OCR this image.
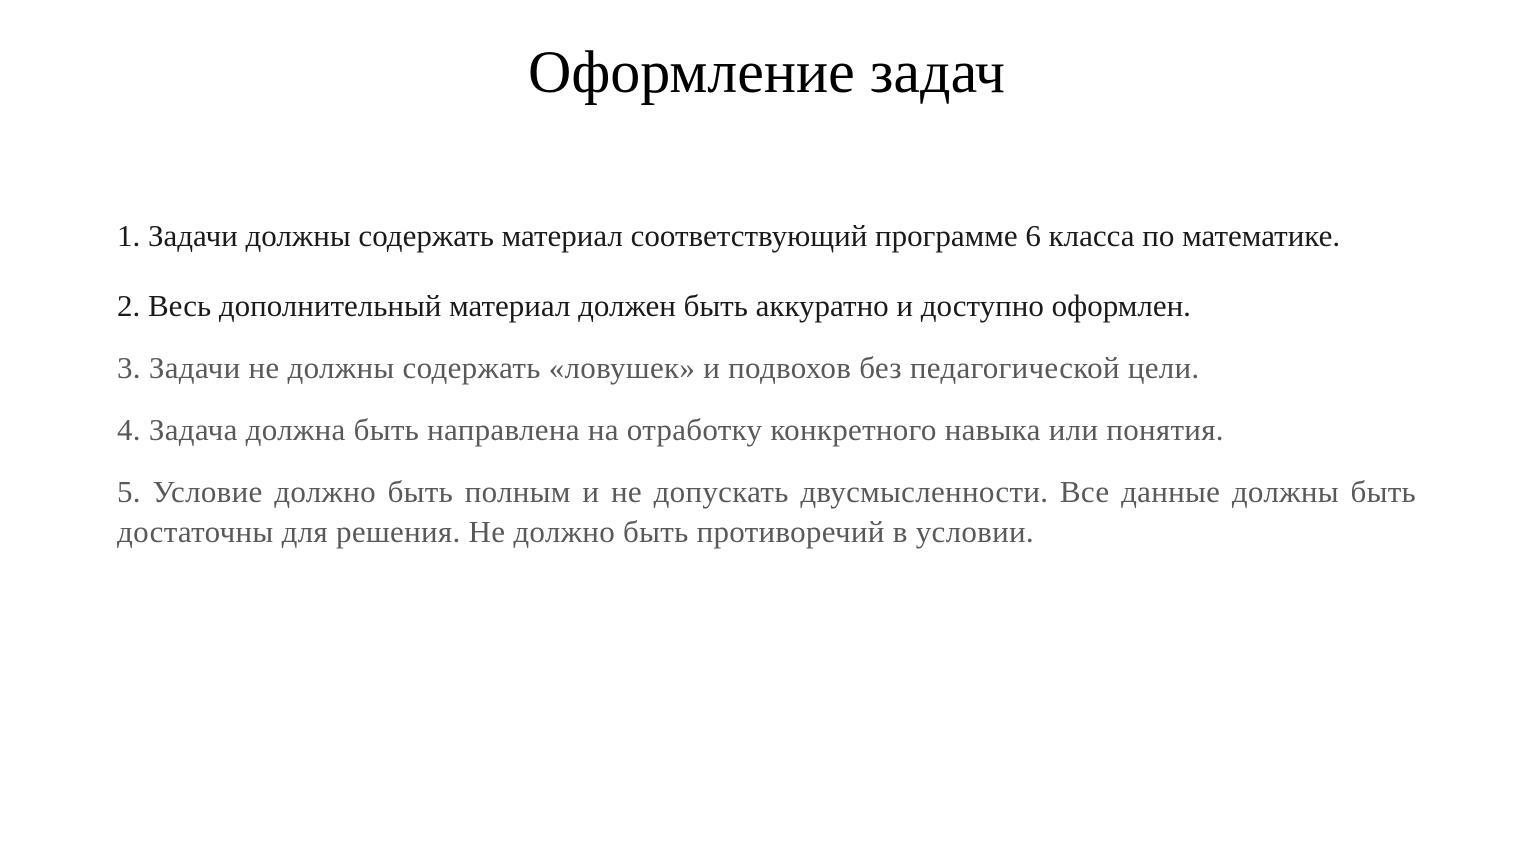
Оформление задач
1. Задачи должны содержать материал соответствующий программе 6 класса по математике.
2. Весь дополнительный материал должен быть аккуратно и доступно оформлен.
3. Задачи не должны содержать «ловушек» и подвохов без педагогической цели.
4. Задача должна быть направлена на отработку конкретного навыка или понятия.
5. Условие должно быть полным и не допускать двусмысленности. Все данные должны быть достаточны для решения. Не должно быть противоречий в условии.
